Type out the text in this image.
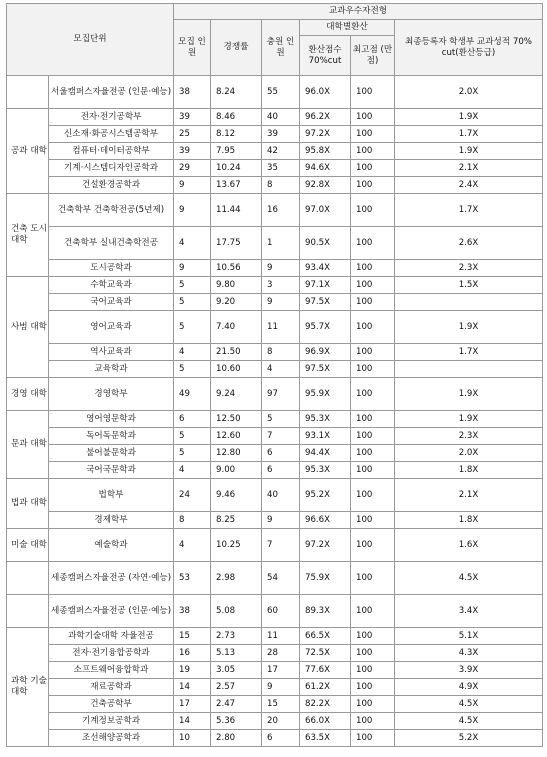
모집단위		교과우수자전형					
		모집 인원	경쟁률	충원 인원	대학별환산		최종등록자 학생부 교과성적 70% cut(환산등급)
					환산점수 70%cut	최고점 (만점)	

	서울캠퍼스자율전공 (인문·예능)	38	8.24	55	96.0X	100	2.0X
공과 대학	전자·전기공학부	39	8.46	40	96.2X	100	1.9X
	신소재·화공시스템공학부	25	8.12	39	97.2X	100	1.7X
	컴퓨터·데이터공학부	39	7.95	42	95.8X	100	1.9X
	기계·시스템디자인공학과	29	10.24	35	94.6X	100	2.1X
	건설환경공학과	9	13.67	8	92.8X	100	2.4X
건축 도시 대학	건축학부 건축학전공(5년제)	9	11.44	16	97.0X	100	1.7X
	건축학부 실내건축학전공	4	17.75	1	90.5X	100	2.6X
	도시공학과	9	10.56	9	93.4X	100	2.3X
사범 대학	수학교육과	5	9.80	3	97.1X	100	1.5X
	국어교육과	5	9.20	9	97.5X	100	
	영어교육과	5	7.40	11	95.7X	100	1.9X
	역사교육과	4	21.50	8	96.9X	100	1.7X
	교육학과	5	10.60	4	97.5X	100	
경영 대학	경영학부	49	9.24	97	95.9X	100	1.9X
문과 대학	영어영문학과	6	12.50	5	95.3X	100	1.9X
	독어독문학과	5	12.60	7	93.1X	100	2.3X
	불어불문학과	5	12.80	6	94.4X	100	2.0X
	국어국문학과	4	9.00	6	95.3X	100	1.8X
법과 대학	법학부	24	9.46	40	95.2X	100	2.1X
	경제학부	8	8.25	9	96.6X	100	1.8X
미술 대학	예술학과	4	10.25	7	97.2X	100	1.6X
	세종캠퍼스자율전공 (자연·예능)	53	2.98	54	75.9X	100	4.5X
	세종캠퍼스자율전공 (인문·예능)	38	5.08	60	89.3X	100	3.4X
과학 기술 대학	과학기술대학 자율전공	15	2.73	11	66.5X	100	5.1X
	전자·전기융합공학과	16	5.13	28	72.5X	100	4.3X
	소프트웨어융합학과	19	3.05	17	77.6X	100	3.9X
	재료공학과	14	2.57	9	61.2X	100	4.9X
	건축공학부	17	2.47	15	82.2X	100	4.5X
	기계정보공학과	14	5.36	20	66.0X	100	4.5X
	조선해양공학과	10	2.80	6	63.5X	100	5.2X
